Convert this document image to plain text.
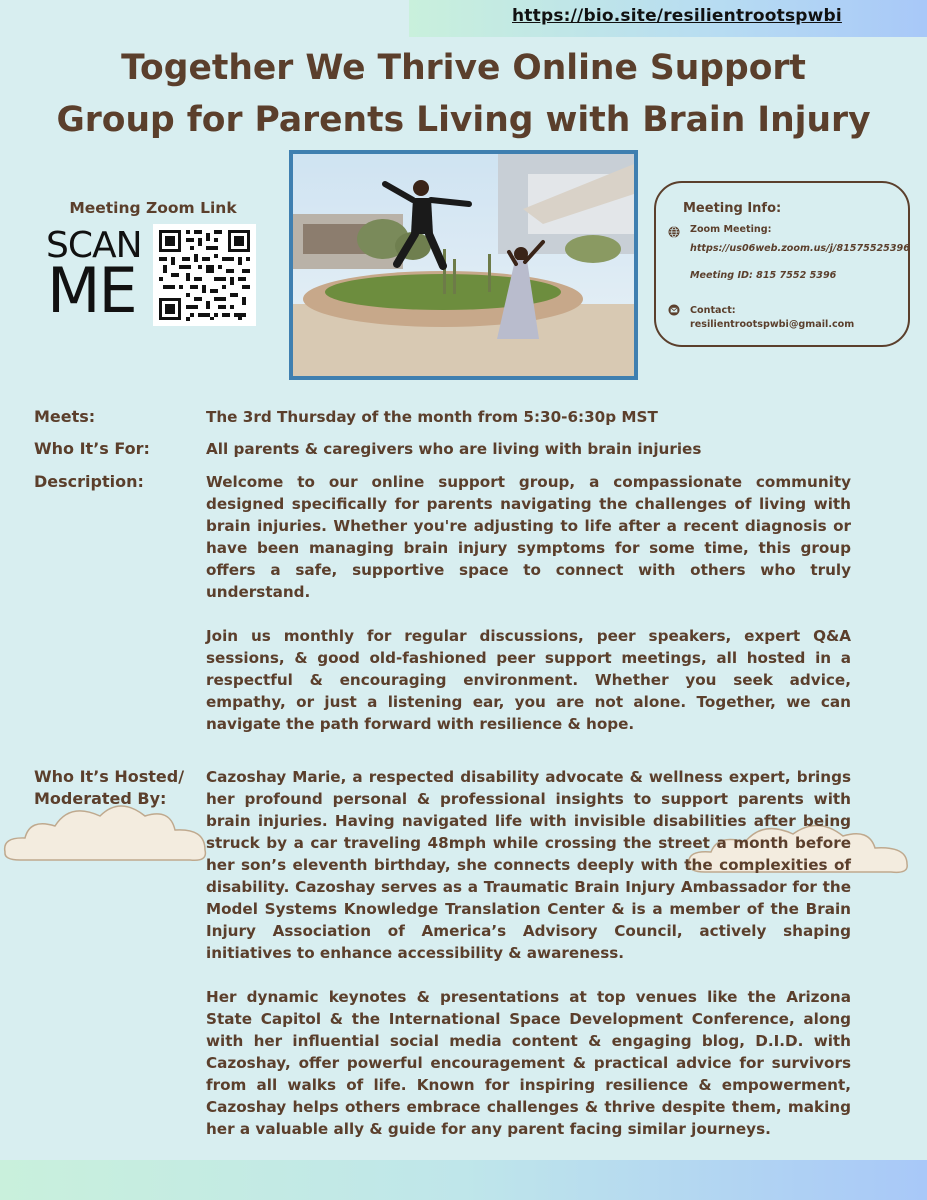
https://bio.site/resilientrootspwbi
Together We Thrive Online Support
Group for Parents Living with Brain Injury
Meeting Zoom Link
SCAN
ME
Meeting Info:
Zoom Meeting:
https://us06web.zoom.us/j/81575525396
Meeting ID: 815 7552 5396
Contact:
resilientrootspwbi@gmail.com
Meets:	The 3rd Thursday of the month from 5:30-6:30p MST
Who It’s For:	All parents & caregivers who are living with brain injuries
Description:	Welcome to our online support group, a compassionate community designed specifically for parents navigating the challenges of living with brain injuries. Whether you're adjusting to life after a recent diagnosis or have been managing brain injury symptoms for some time, this group offers a safe, supportive space to connect with others who truly understand.

Join us monthly for regular discussions, peer speakers, expert Q&A sessions, & good old-fashioned peer support meetings, all hosted in a respectful & encouraging environment. Whether you seek advice, empathy, or just a listening ear, you are not alone. Together, we can navigate the path forward with resilience & hope.

Who It’s Hosted/
Moderated By:

Cazoshay Marie, a respected disability advocate & wellness expert, brings her profound personal & professional insights to support parents with brain injuries. Having navigated life with invisible disabilities after being struck by a car traveling 48mph while crossing the street a month before her son’s eleventh birthday, she connects deeply with the complexities of disability. Cazoshay serves as a Traumatic Brain Injury Ambassador for the Model Systems Knowledge Translation Center & is a member of the Brain Injury Association of America’s Advisory Council, actively shaping initiatives to enhance accessibility & awareness.

Her dynamic keynotes & presentations at top venues like the Arizona State Capitol & the International Space Development Conference, along with her influential social media content & engaging blog, D.I.D. with Cazoshay, offer powerful encouragement & practical advice for survivors from all walks of life. Known for inspiring resilience & empowerment, Cazoshay helps others embrace challenges & thrive despite them, making her a valuable ally & guide for any parent facing similar journeys.
